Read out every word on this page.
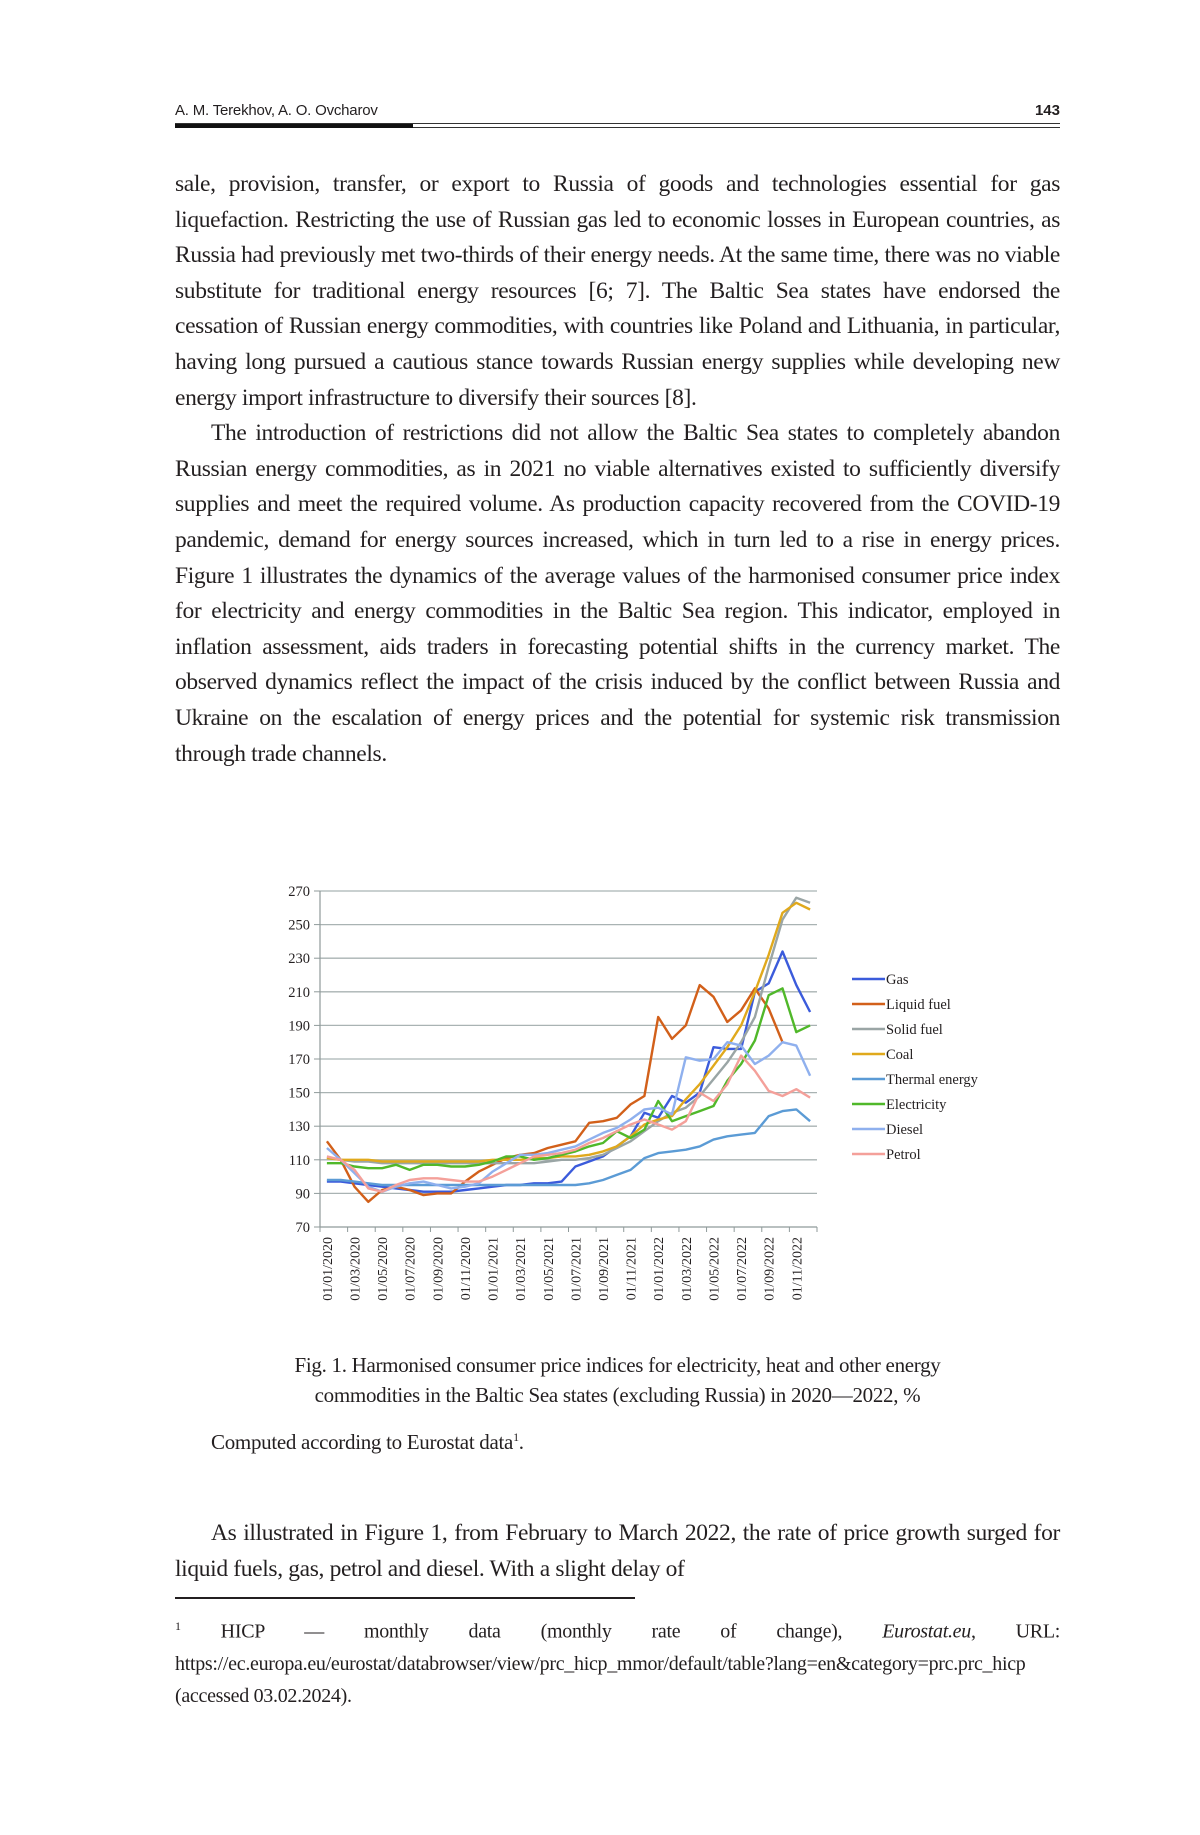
A. M. Terekhov, A. O. Ovcharov	143

sale, provision, transfer, or export to Russia of goods and technologies essential for gas liquefaction. Restricting the use of Russian gas led to economic losses in European countries, as Russia had previously met two-thirds of their energy needs. At the same time, there was no viable substitute for traditional energy resources [6; 7]. The Baltic Sea states have endorsed the cessation of Russian energy commodities, with countries like Poland and Lithuania, in particular, having long pursued a cautious stance towards Russian energy supplies while developing new energy import infrastructure to diversify their sources [8].

The introduction of restrictions did not allow the Baltic Sea states to completely abandon Russian energy commodities, as in 2021 no viable alternatives existed to sufficiently diversify supplies and meet the required volume. As production capacity recovered from the COVID-19 pandemic, demand for energy sources increased, which in turn led to a rise in energy prices. Figure 1 illustrates the dynamics of the average values of the harmonised consumer price index for electricity and energy commodities in the Baltic Sea region. This indicator, employed in inflation assessment, aids traders in forecasting potential shifts in the currency market. The observed dynamics reflect the impact of the crisis induced by the conflict between Russia and Ukraine on the escalation of energy prices and the potential for systemic risk transmission through trade channels.

70
90
110
130
150
170
190
210
230
250
270
01/01/2020 01/03/2020 01/05/2020 01/07/2020 01/09/2020 01/11/2020 01/01/2021 01/03/2021 01/05/2021 01/07/2021 01/09/2021 01/11/2021 01/01/2022 01/03/2022 01/05/2022 01/07/2022 01/09/2022 01/11/2022
Gas
Liquid fuel
Solid fuel
Coal
Thermal energy
Electricity
Diesel
Petrol
Fig. 1. Harmonised consumer price indices for electricity, heat and other energy
commodities in the Baltic Sea states (excluding Russia) in 2020—2022, %
Computed according to Eurostat data$^1$.

As illustrated in Figure 1, from February to March 2022, the rate of price growth surged for liquid fuels, gas, petrol and diesel. With a slight delay of

$^1$ HICP — monthly data (monthly rate of change), Eurostat.eu, URL: https://ec.europa.eu/eurostat/databrowser/view/prc_hicp_mmor/default/table?lang=en&category=prc.prc_hicp (accessed 03.02.2024).
